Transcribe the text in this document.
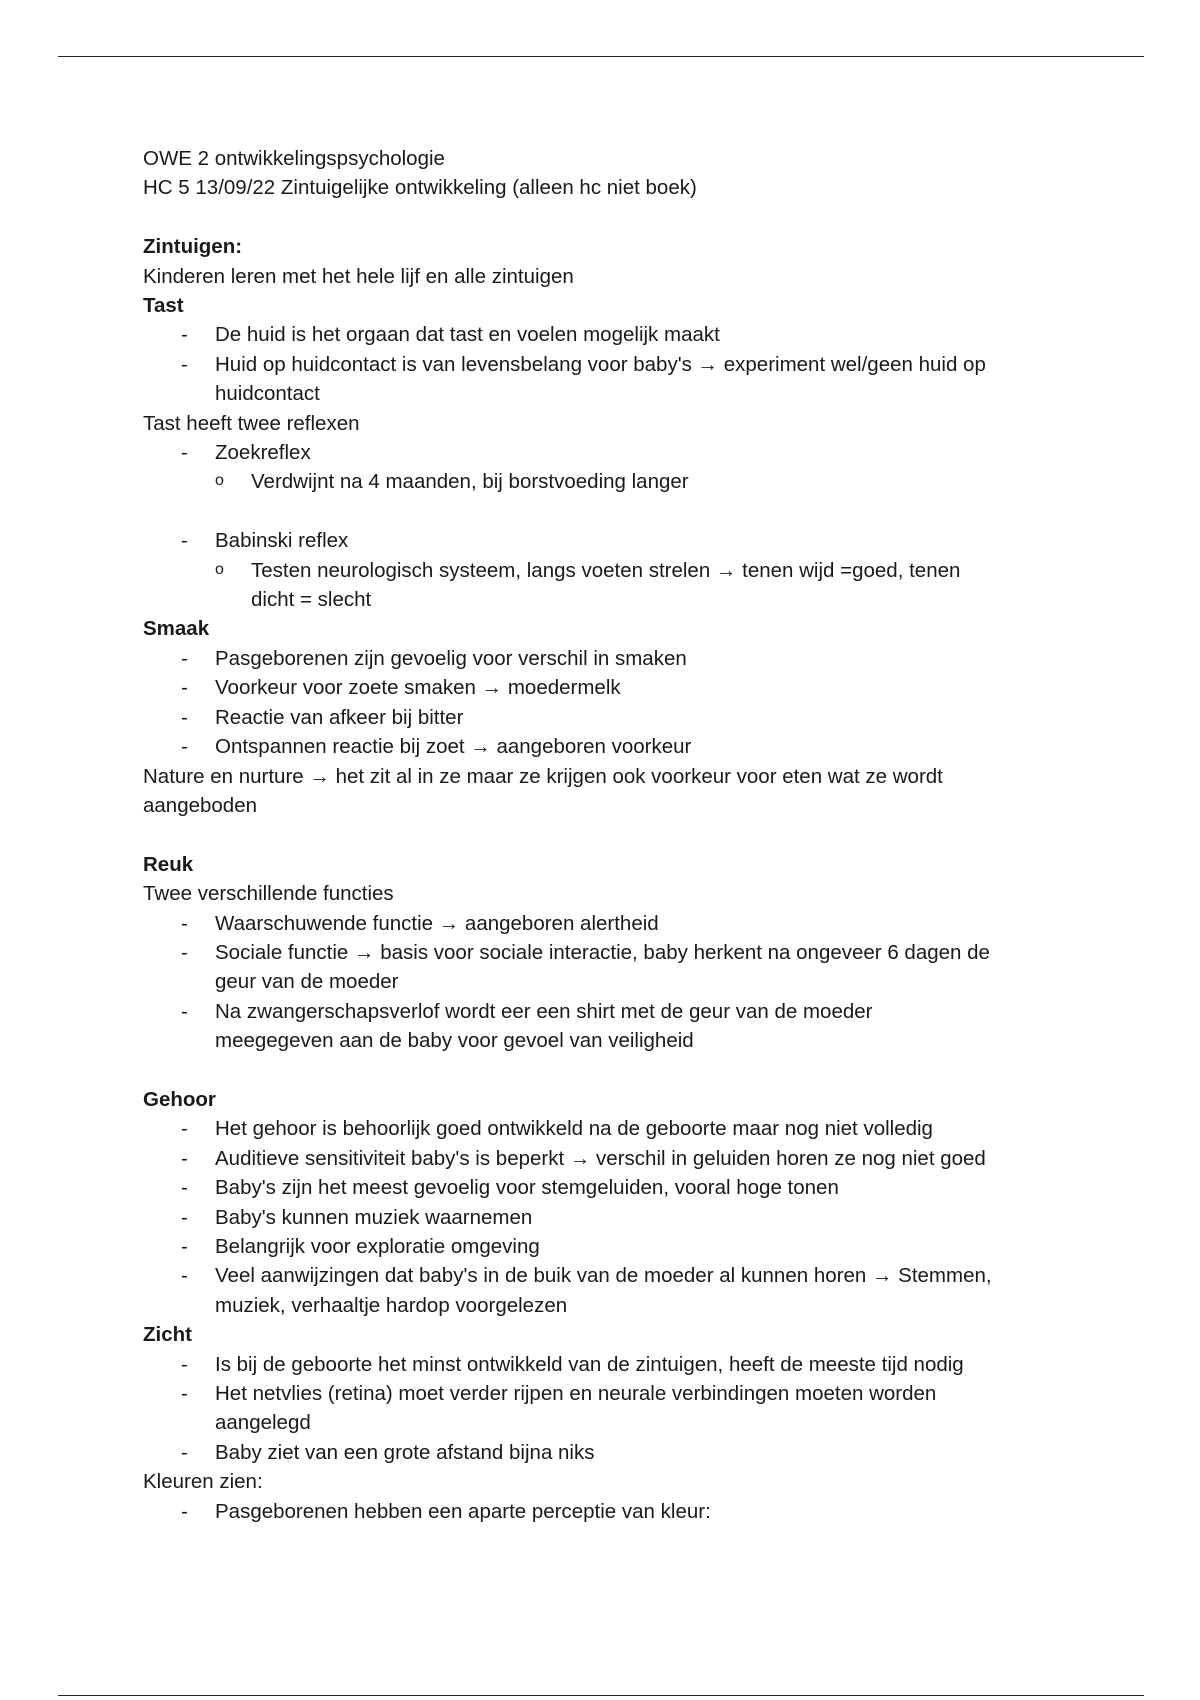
OWE 2 ontwikkelingspsychologie
HC 5 13/09/22 Zintuigelijke ontwikkeling (alleen hc niet boek)
Zintuigen:
Kinderen leren met het hele lijf en alle zintuigen
Tast
- De huid is het orgaan dat tast en voelen mogelijk maakt
- Huid op huidcontact is van levensbelang voor baby's → experiment wel/geen huid op
huidcontact
Tast heeft twee reflexen
- Zoekreflex
o Verdwijnt na 4 maanden, bij borstvoeding langer
- Babinski reflex
o Testen neurologisch systeem, langs voeten strelen → tenen wijd =goed, tenen
dicht = slecht
Smaak
- Pasgeborenen zijn gevoelig voor verschil in smaken
- Voorkeur voor zoete smaken → moedermelk
- Reactie van afkeer bij bitter
- Ontspannen reactie bij zoet → aangeboren voorkeur
Nature en nurture → het zit al in ze maar ze krijgen ook voorkeur voor eten wat ze wordt
aangeboden
Reuk
Twee verschillende functies
- Waarschuwende functie → aangeboren alertheid
- Sociale functie → basis voor sociale interactie, baby herkent na ongeveer 6 dagen de
geur van de moeder
- Na zwangerschapsverlof wordt eer een shirt met de geur van de moeder
meegegeven aan de baby voor gevoel van veiligheid
Gehoor
- Het gehoor is behoorlijk goed ontwikkeld na de geboorte maar nog niet volledig
- Auditieve sensitiviteit baby's is beperkt → verschil in geluiden horen ze nog niet goed
- Baby's zijn het meest gevoelig voor stemgeluiden, vooral hoge tonen
- Baby's kunnen muziek waarnemen
- Belangrijk voor exploratie omgeving
- Veel aanwijzingen dat baby's in de buik van de moeder al kunnen horen → Stemmen,
muziek, verhaaltje hardop voorgelezen
Zicht
- Is bij de geboorte het minst ontwikkeld van de zintuigen, heeft de meeste tijd nodig
- Het netvlies (retina) moet verder rijpen en neurale verbindingen moeten worden
aangelegd
- Baby ziet van een grote afstand bijna niks
Kleuren zien:
- Pasgeborenen hebben een aparte perceptie van kleur:
